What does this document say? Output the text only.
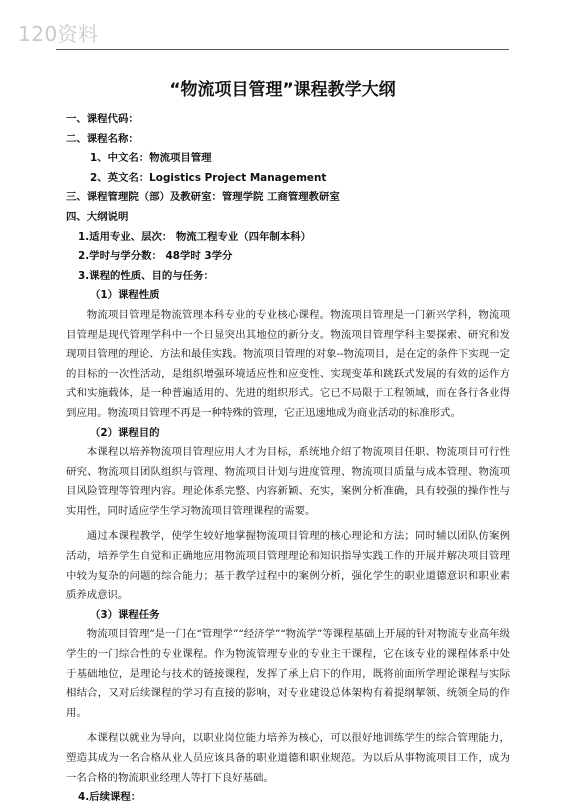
120资料
“物流项目管理”课程教学大纲
一、课程代码：
二、课程名称：
1、中文名：物流项目管理
2、英文名：Logistics Project Management
三、课程管理院（部）及教研室：管理学院 工商管理教研室
四、大纲说明
1.适用专业、层次： 物流工程专业（四年制本科）
2.学时与学分数： 48学时 3学分
3.课程的性质、目的与任务：
（1）课程性质

物流项目管理是物流管理本科专业的专业核心课程。物流项目管理是一门新兴学科，物流项目管理是现代管理学科中一个日显突出其地位的新分支。物流项目管理学科主要探索、研究和发现项目管理的理论、方法和最佳实践。物流项目管理的对象--物流项目，是在定的条件下实现一定的目标的一次性活动，是组织增强环境适应性和应变性、实现变革和跳跃式发展的有效的运作方式和实施载体，是一种普遍适用的、先进的组织形式。它已不局限于工程领域，而在各行各业得到应用。物流项目管理不再是一种特殊的管理，它正迅速地成为商业活动的标准形式。

（2）课程目的

本课程以培养物流项目管理应用人才为目标，系统地介绍了物流项目任职、物流项目可行性研究、物流项目团队组织与管理、物流项目计划与进度管理、物流项目质量与成本管理、物流项目风险管理等管理内容。理论体系完整、内容新颖、充实，案例分析准确，具有较强的操作性与实用性，同时适应学生学习物流项目管理课程的需要。

通过本课程教学，使学生较好地掌握物流项目管理的核心理论和方法；同时辅以团队仿案例活动，培养学生自觉和正确地应用物流项目管理理论和知识指导实践工作的开展并解决项目管理中较为复杂的问题的综合能力；基于教学过程中的案例分析，强化学生的职业道德意识和职业素质养成意识。

（3）课程任务

物流项目管理”是一门在“管理学”“经济学”“物流学”等课程基础上开展的针对物流专业高年级学生的一门综合性的专业课程。作为物流管理专业的专业主干课程，它在该专业的课程体系中处于基础地位，是理论与技术的链接课程，发挥了承上启下的作用，既将前面所学理论课程与实际相结合，又对后续课程的学习有直接的影响，对专业建设总体架构有着提纲挈领、统领全局的作用。

本课程以就业为导向，以职业岗位能力培养为核心，可以很好地训练学生的综合管理能力，塑造其成为一名合格从业人员应该具备的职业道德和职业规范。为以后从事物流项目工作，成为一名合格的物流职业经理人等打下良好基础。

4.后续课程：
